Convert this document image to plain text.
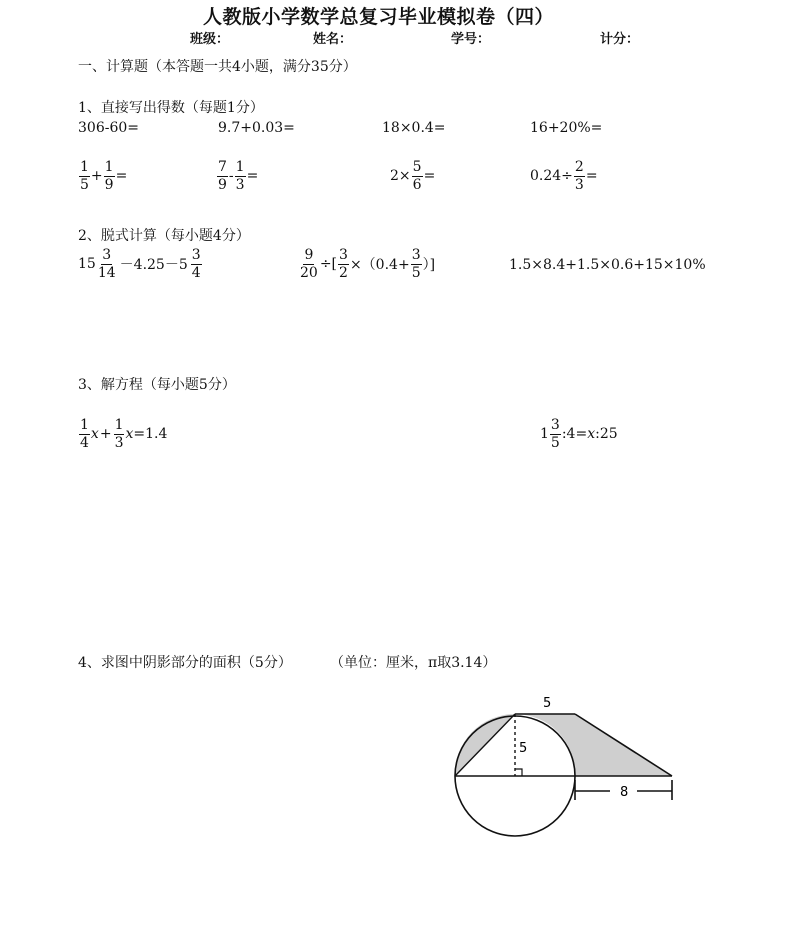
人教版小学数学总复习毕业模拟卷（四）
班级：	姓名：	学号：	计分：
一、计算题（本答题一共4小题，满分35分）
1、直接写出得数（每题1分）
306-60=	9.7+0.03=	18×0.4=	16+20%=
$\frac{1}{5} + \frac{1}{9}$ =	$\frac{7}{9} - \frac{1}{3}$ =	$2\times \frac{5}{6}$ =	$0.24\div \frac{2}{3}$ =
2、脱式计算（每小题4分）
$15 \frac{3}{14} -4.25-5 \frac{3}{4}$	$\frac{9}{20}$ ÷[ $\frac{3}{2} \times(0.4+ \frac{3}{5}$ ）]	1.5×8.4+1.5×0.6+15×10%
3、解方程（每小题5分）
$\frac{1}{4}$ $x + \frac{1}{3}$ x =1.4	$1 \frac{3}{5}$ :4= x :25
4、求图中阴影部分的面积（5分）	（单位：厘米，π取3.14）
5
5
8
